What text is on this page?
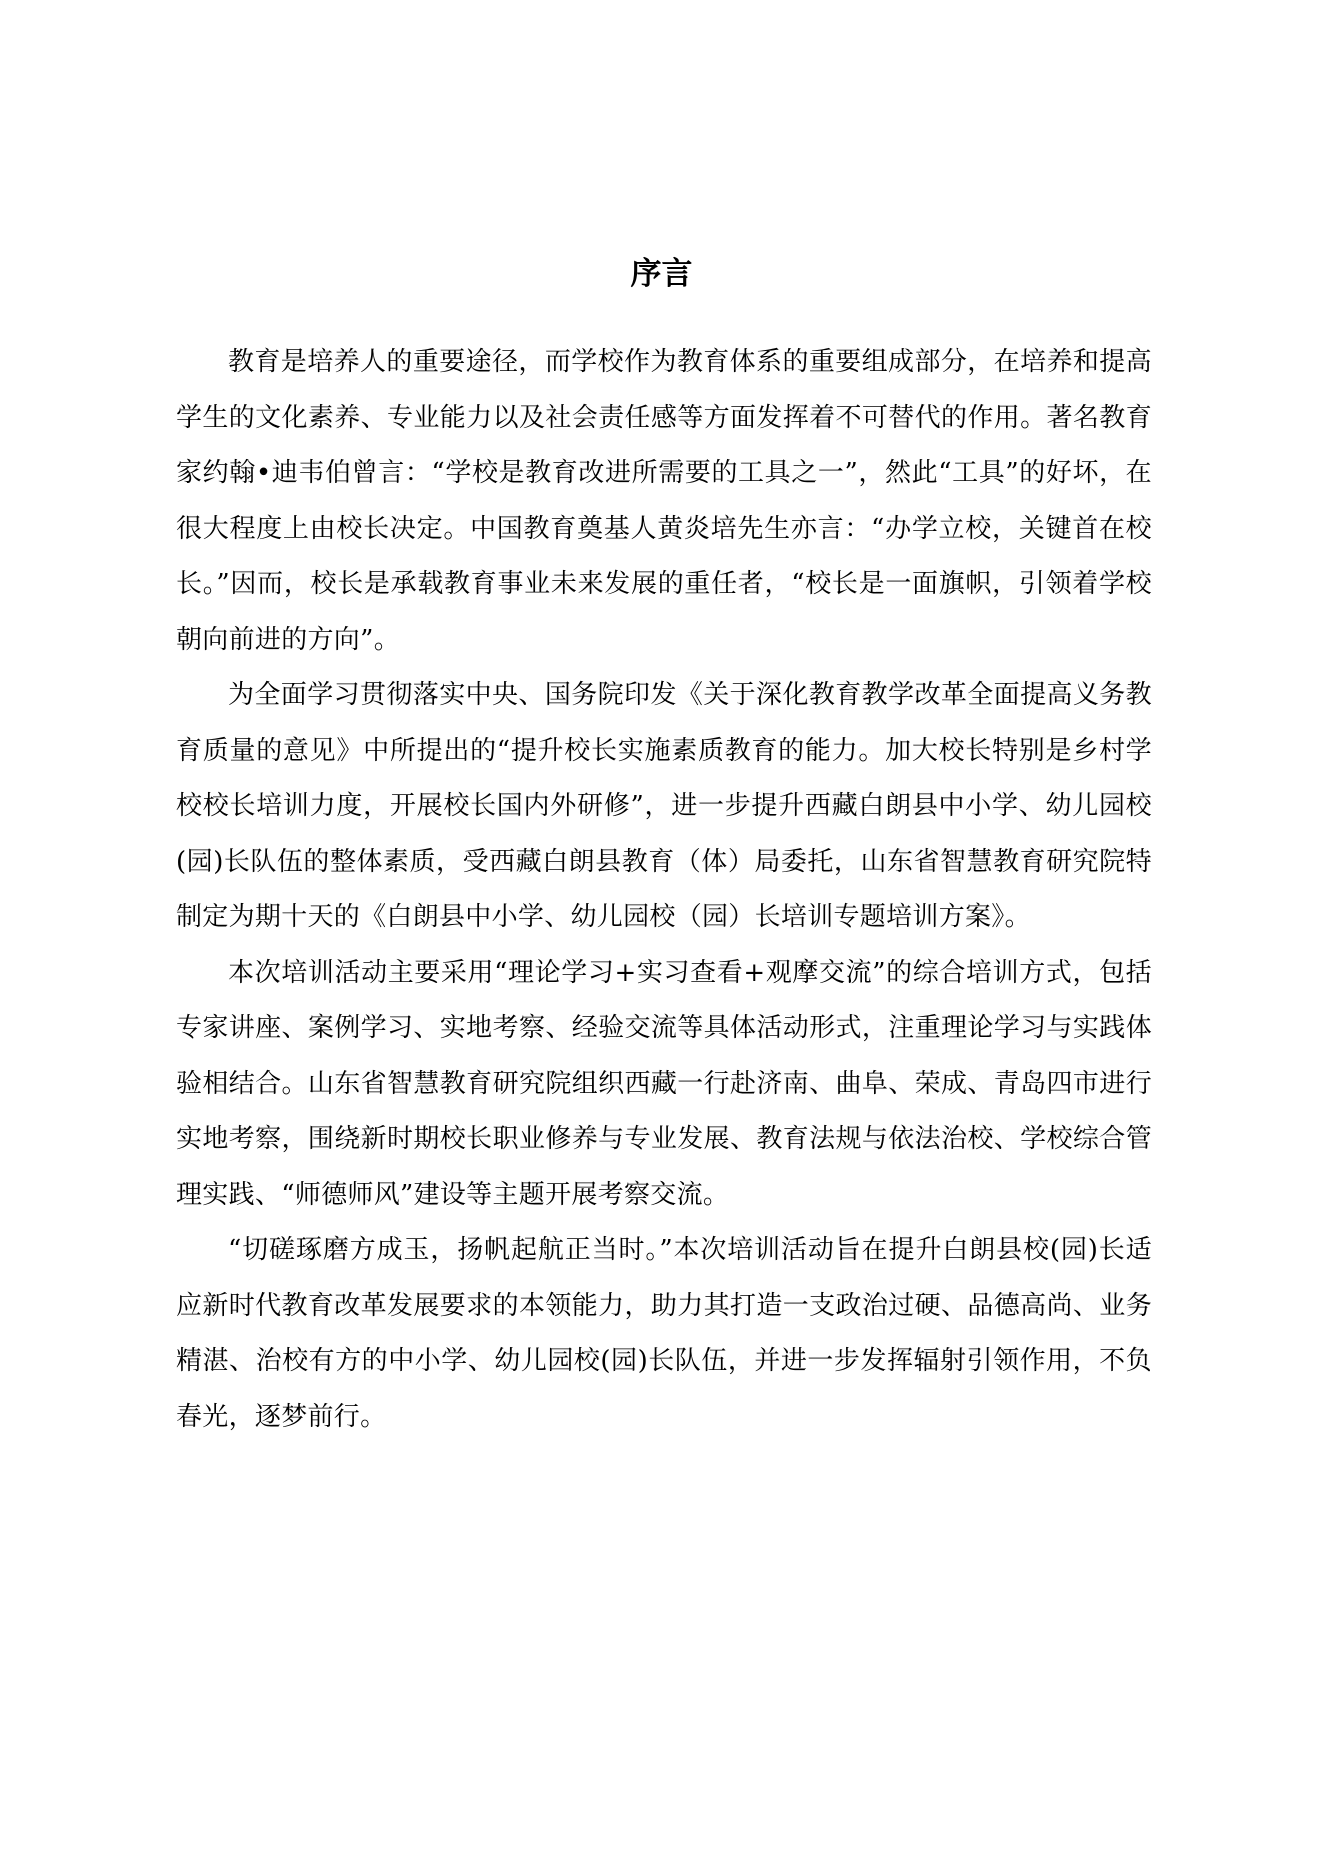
序言

教育是培养人的重要途径，而学校作为教育体系的重要组成部分，在培养和提高学生的文化素养、专业能力以及社会责任感等方面发挥着不可替代的作用。著名教育家约翰•迪韦伯曾言：“学校是教育改进所需要的工具之一”，然此“工具”的好坏，在很大程度上由校长决定。中国教育奠基人黄炎培先生亦言：“办学立校，关键首在校长。”因而，校长是承载教育事业未来发展的重任者，“校长是一面旗帜，引领着学校朝向前进的方向”。

为全面学习贯彻落实中央、国务院印发《关于深化教育教学改革全面提高义务教育质量的意见》中所提出的“提升校长实施素质教育的能力。加大校长特别是乡村学校校长培训力度，开展校长国内外研修”，进一步提升西藏白朗县中小学、幼儿园校(园)长队伍的整体素质，受西藏白朗县教育（体）局委托，山东省智慧教育研究院特制定为期十天的《白朗县中小学、幼儿园校（园）长培训专题培训方案》。

本次培训活动主要采用“理论学习+实习查看+观摩交流”的综合培训方式，包括专家讲座、案例学习、实地考察、经验交流等具体活动形式，注重理论学习与实践体验相结合。山东省智慧教育研究院组织西藏一行赴济南、曲阜、荣成、青岛四市进行实地考察，围绕新时期校长职业修养与专业发展、教育法规与依法治校、学校综合管理实践、“师德师风”建设等主题开展考察交流。

“切磋琢磨方成玉，扬帆起航正当时。”本次培训活动旨在提升白朗县校(园)长适应新时代教育改革发展要求的本领能力，助力其打造一支政治过硬、品德高尚、业务精湛、治校有方的中小学、幼儿园校(园)长队伍，并进一步发挥辐射引领作用，不负春光，逐梦前行。
